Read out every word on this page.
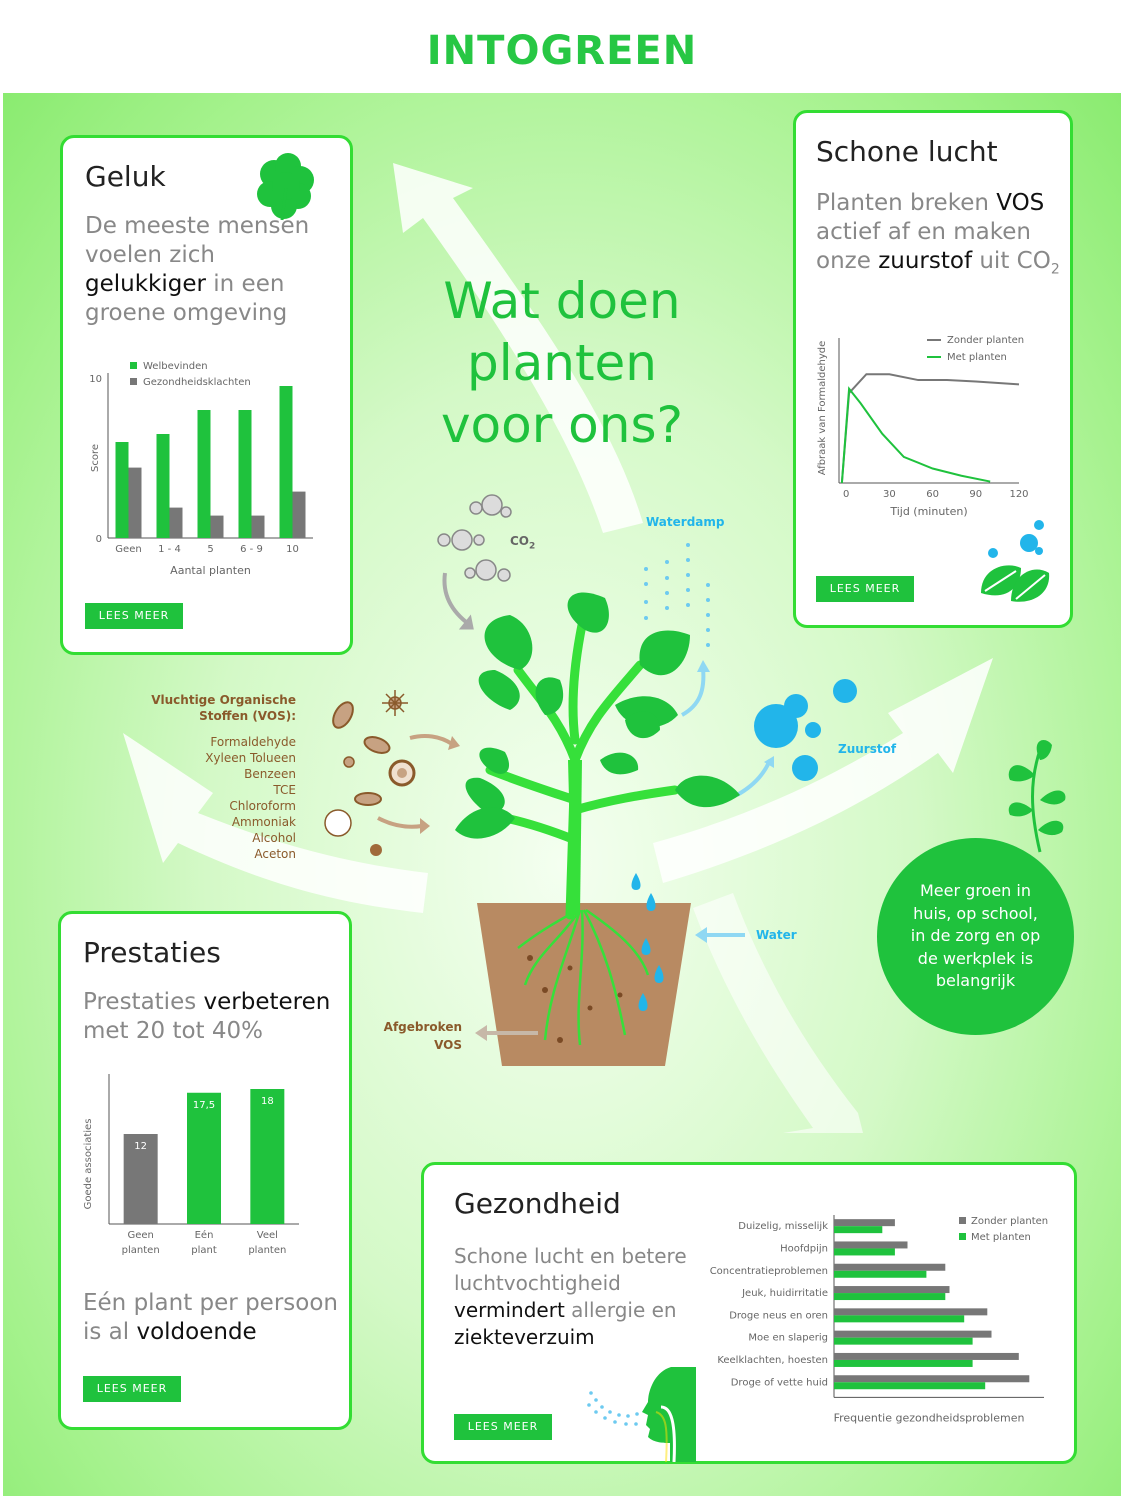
INTOGREEN
Geluk
De meeste mensen voelen zich gelukkiger in een groene omgeving
0
10
Score
Geen 1 - 4	5	6 - 9 10
Aantal planten
Welbevinden
Gezondheidsklachten
LEES MEER
Schone lucht
Planten breken VOS actief af en maken onze zuurstof uit $CO_2$
0	30	60	90	120
Tijd (minuten)
Afbraak van Formaldehyde
Zonder planten
Met planten
LEES MEER
Wat doen
planten
voor ons?
$CO_2$
Waterdamp
Zuurstof
Water
Afgebroken
VOS
Vluchtige Organische
Stoffen (VOS):
Formaldehyde
Xyleen Tolueen
Benzeen
TCE
Chloroform
Ammoniak
Alcohol
Aceton
Meer groen in huis, op school, in de zorg en op de werkplek is belangrijk
Prestaties
Prestaties verbeteren met 20 tot 40%
Goede associaties	12
Geen
planten
17,5
Eén
plant
18
Veel
planten
Eén plant per persoon is al voldoende
LEES MEER
Gezondheid
Schone lucht en betere luchtvochtigheid vermindert allergie en ziekteverzuim
LEES MEER
Duizelig, misselijk
Hoofdpijn
Concentratieproblemen
Jeuk, huidirritatie
Droge neus en oren
Moe en slaperig
Keelklachten, hoesten
Droge of vette huid
Frequentie gezondheidsproblemen
Zonder planten
Met planten
